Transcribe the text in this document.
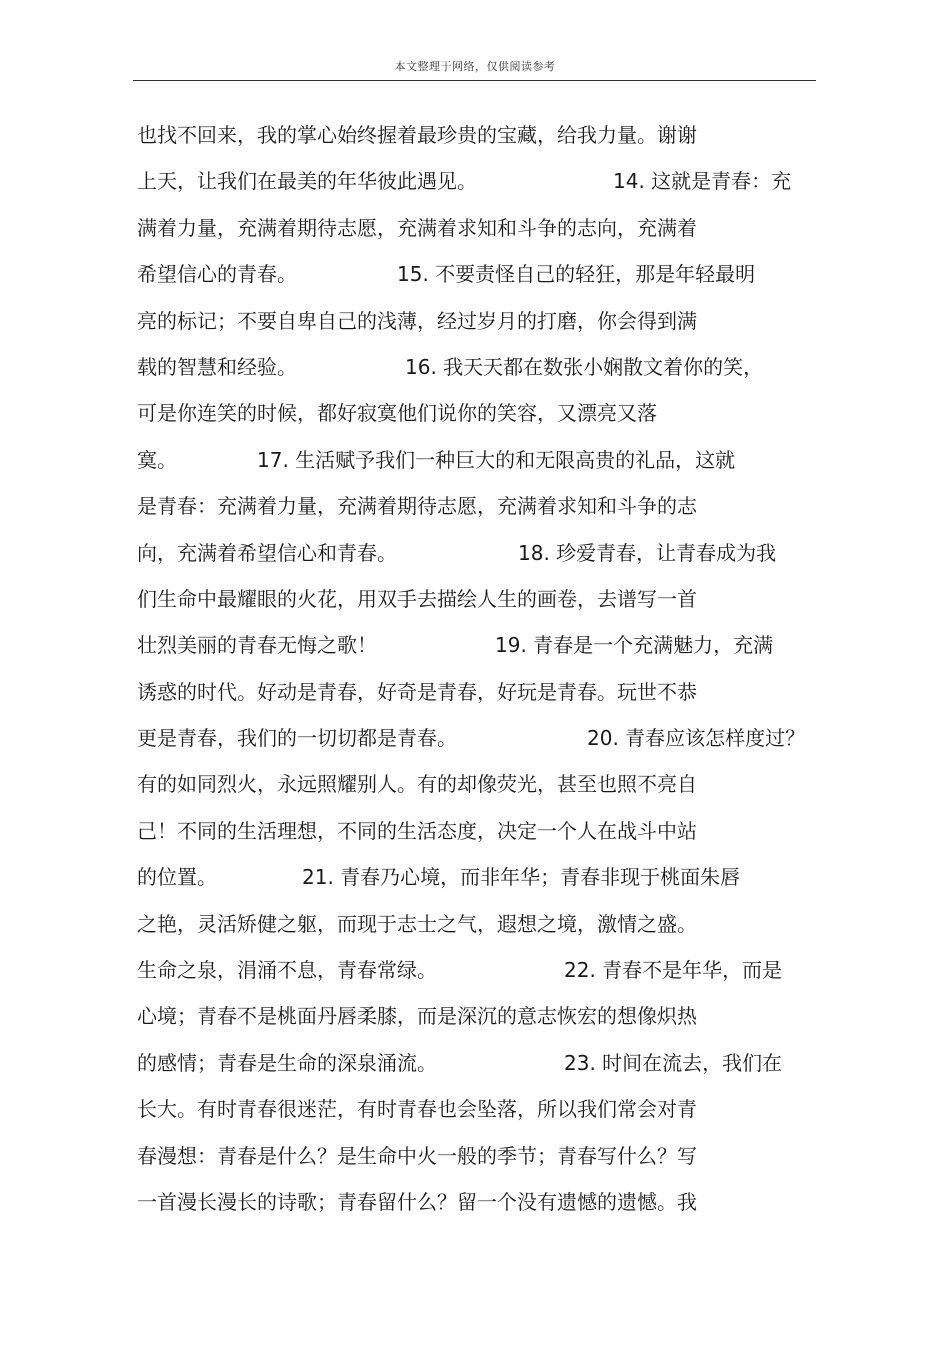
本文整理于网络，仅供阅读参考
也找不回来，我的掌心始终握着最珍贵的宝藏，给我力量。谢谢
上天，让我们在最美的年华彼此遇见。	14. 这就是青春：充
满着力量，充满着期待志愿，充满着求知和斗争的志向，充满着
希望信心的青春。	15. 不要责怪自己的轻狂，那是年轻最明
亮的标记；不要自卑自己的浅薄，经过岁月的打磨，你会得到满
载的智慧和经验。	16. 我天天都在数张小娴散文着你的笑，
可是你连笑的时候，都好寂寞他们说你的笑容，又漂亮又落
寞。	17. 生活赋予我们一种巨大的和无限高贵的礼品，这就
是青春：充满着力量，充满着期待志愿，充满着求知和斗争的志
向，充满着希望信心和青春。	18. 珍爱青春，让青春成为我
们生命中最耀眼的火花，用双手去描绘人生的画卷，去谱写一首
壮烈美丽的青春无悔之歌！	19. 青春是一个充满魅力，充满
诱惑的时代。好动是青春，好奇是青春，好玩是青春。玩世不恭
更是青春，我们的一切切都是青春。	20. 青春应该怎样度过？
有的如同烈火，永远照耀别人。有的却像荧光，甚至也照不亮自
己！不同的生活理想，不同的生活态度，决定一个人在战斗中站
的位置。	21. 青春乃心境，而非年华；青春非现于桃面朱唇
之艳，灵活矫健之躯，而现于志士之气，遐想之境，激情之盛。
生命之泉，涓涌不息，青春常绿。	22. 青春不是年华，而是
心境；青春不是桃面丹唇柔膝，而是深沉的意志恢宏的想像炽热
的感情；青春是生命的深泉涌流。	23. 时间在流去，我们在
长大。有时青春很迷茫，有时青春也会坠落，所以我们常会对青
春漫想：青春是什么？是生命中火一般的季节；青春写什么？写
一首漫长漫长的诗歌；青春留什么？留一个没有遗憾的遗憾。我
